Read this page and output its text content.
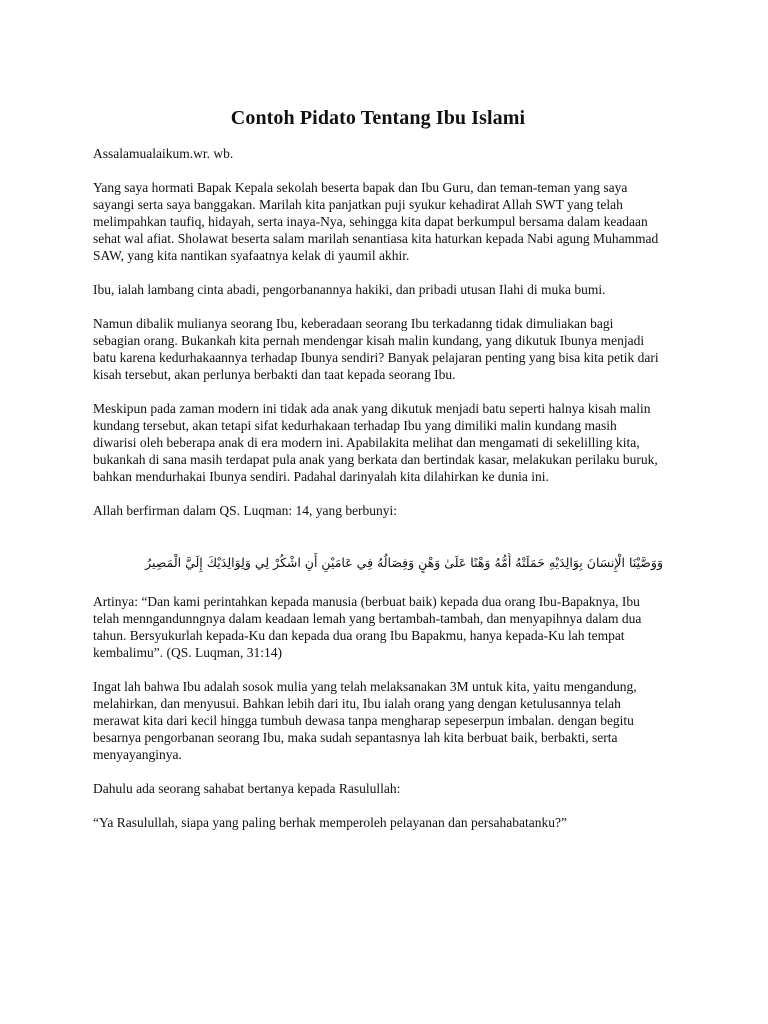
Contoh Pidato Tentang Ibu Islami

Assalamualaikum.wr. wb.

Yang saya hormati Bapak Kepala sekolah beserta bapak dan Ibu Guru, dan teman-teman yang saya sayangi serta saya banggakan. Marilah kita panjatkan puji syukur kehadirat Allah SWT yang telah melimpahkan taufiq, hidayah, serta inaya-Nya, sehingga kita dapat berkumpul bersama dalam keadaan sehat wal afiat. Sholawat beserta salam marilah senantiasa kita haturkan kepada Nabi agung Muhammad SAW, yang kita nantikan syafaatnya kelak di yaumil akhir.

Ibu, ialah lambang cinta abadi, pengorbanannya hakiki, dan pribadi utusan Ilahi di muka bumi.

Namun dibalik mulianya seorang Ibu, keberadaan seorang Ibu terkadanng tidak dimuliakan bagi sebagian orang. Bukankah kita pernah mendengar kisah malin kundang, yang dikutuk Ibunya menjadi batu karena kedurhakaannya terhadap Ibunya sendiri? Banyak pelajaran penting yang bisa kita petik dari kisah tersebut, akan perlunya berbakti dan taat kepada seorang Ibu.

Meskipun pada zaman modern ini tidak ada anak yang dikutuk menjadi batu seperti halnya kisah malin kundang tersebut, akan tetapi sifat kedurhakaan terhadap Ibu yang dimiliki malin kundang masih diwarisi oleh beberapa anak di era modern ini. Apabilakita melihat dan mengamati di sekelilling kita, bukankah di sana masih terdapat pula anak yang berkata dan bertindak kasar, melakukan perilaku buruk, bahkan mendurhakai Ibunya sendiri. Padahal darinyalah kita dilahirkan ke dunia ini.

Allah berfirman dalam QS. Luqman: 14, yang berbunyi:

وَوَصَّيْنَا الْإِنسَانَ بِوَالِدَيْهِ حَمَلَتْهُ أُمُّهُ وَهْنًا عَلَىٰ وَهْنٍ وَفِصَالُهُ فِي عَامَيْنِ أَنِ اشْكُرْ لِي وَلِوَالِدَيْكَ إِلَيَّ الْمَصِيرُ

Artinya: “Dan kami perintahkan kepada manusia (berbuat baik) kepada dua orang Ibu-Bapaknya, Ibu telah menngandunngnya dalam keadaan lemah yang bertambah-tambah, dan menyapihnya dalam dua tahun. Bersyukurlah kepada-Ku dan kepada dua orang Ibu Bapakmu, hanya kepada-Ku lah tempat kembalimu”. (QS. Luqman, 31:14)

Ingat lah bahwa Ibu adalah sosok mulia yang telah melaksanakan 3M untuk kita, yaitu mengandung, melahirkan, dan menyusui. Bahkan lebih dari itu, Ibu ialah orang yang dengan ketulusannya telah merawat kita dari kecil hingga tumbuh dewasa tanpa mengharap sepeserpun imbalan. dengan begitu besarnya pengorbanan seorang Ibu, maka sudah sepantasnya lah kita berbuat baik, berbakti, serta menyayanginya.

Dahulu ada seorang sahabat bertanya kepada Rasulullah:

“Ya Rasulullah, siapa yang paling berhak memperoleh pelayanan dan persahabatanku?”
